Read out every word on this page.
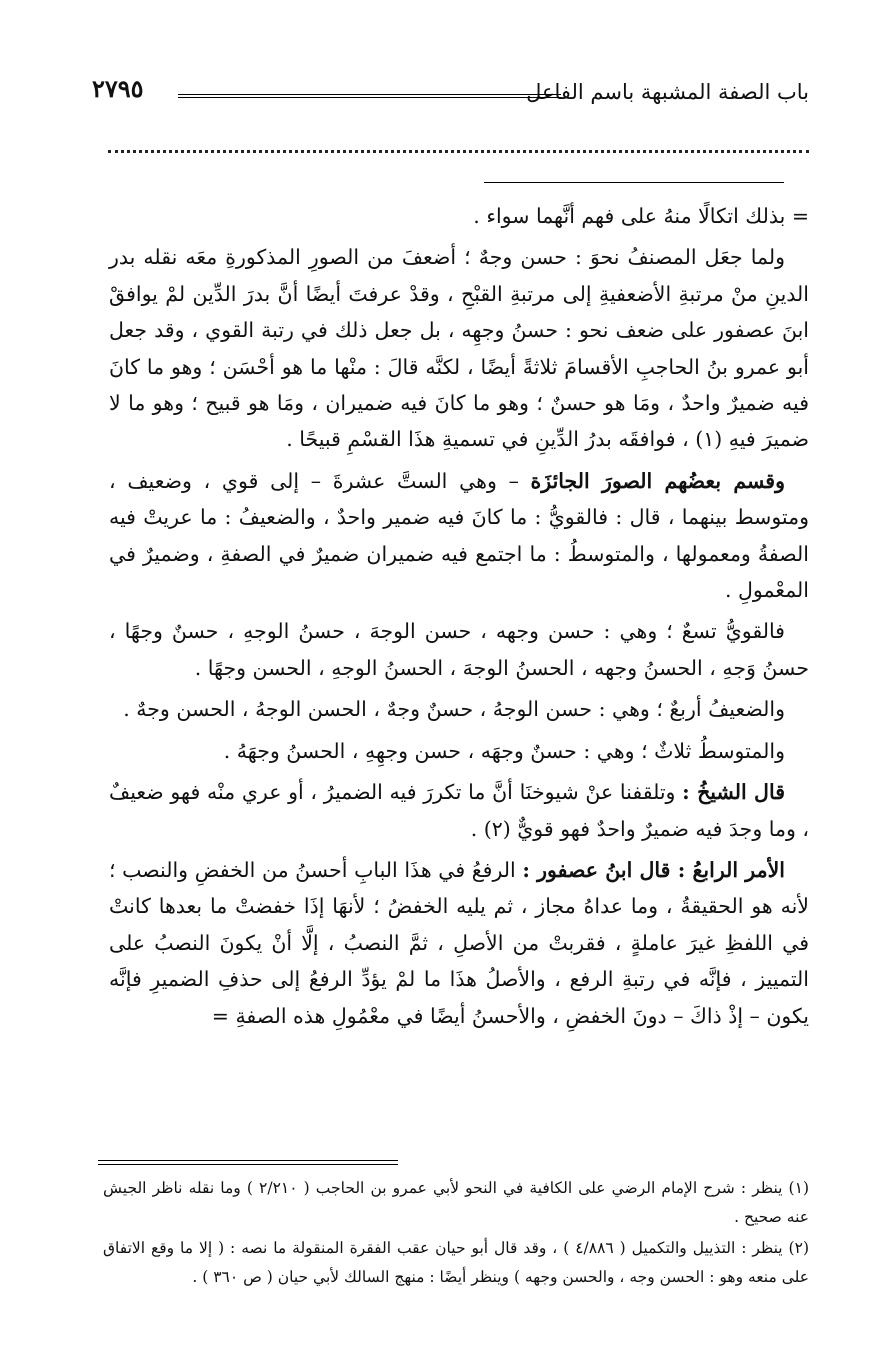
باب الصفة المشبهة باسم الفاعل
٢٧٩٥

= بذلك اتكالًا منهُ على فهم أنَّهما سواء .

ولما جعَل المصنفُ نحوَ : حسن وجهٌ ؛ أضعفَ من الصورِ المذكورةِ معَه نقله بدر الدينِ منْ مرتبةِ الأضعفيةِ إلى مرتبةِ القبْحِ ، وقدْ عرفتَ أيضًا أنَّ بدرَ الدِّين لمْ يوافقْ ابنَ عصفور على ضعف نحو : حسنُ وجهِه ، بل جعل ذلك في رتبة القوي ، وقد جعل أبو عمرو بنُ الحاجبِ الأقسامَ ثلاثةً أيضًا ، لكنَّه قالَ : منْها ما هو أحْسَن ؛ وهو ما كانَ فيه ضميرٌ واحدٌ ، ومَا هو حسنٌ ؛ وهو ما كانَ فيه ضميران ، ومَا هو قبيح ؛ وهو ما لا ضميرَ فيهِ (١) ، فوافقَه بدرُ الدِّينِ في تسميةِ هذَا القسْمِ قبيحًا .

وقسم بعضُهم الصورَ الجائزَة – وهي الستَّ عشرةَ – إلى قوي ، وضعيف ، ومتوسط بينهما ، قال : فالقويُّ : ما كانَ فيه ضمير واحدٌ ، والضعيفُ : ما عريتْ فيه الصفةُ ومعمولها ، والمتوسطُ : ما اجتمع فيه ضميران ضميرٌ في الصفةِ ، وضميرٌ في المعْمولِ .

فالقويُّ تسعٌ ؛ وهي : حسن وجهه ، حسن الوجهَ ، حسنُ الوجهِ ، حسنٌ وجهًا ، حسنُ وَجهِ ، الحسنُ وجهه ، الحسنُ الوجهَ ، الحسنُ الوجهِ ، الحسن وجهًا .

والضعيفُ أربعٌ ؛ وهي : حسن الوجهُ ، حسنٌ وجهٌ ، الحسن الوجهُ ، الحسن وجهٌ .

والمتوسطُ ثلاثٌ ؛ وهي : حسنٌ وجهَه ، حسن وجهِهِ ، الحسنُ وجهَهُ .

قال الشيخُ : وتلقفنا عنْ شيوخنَا أنَّ ما تكررَ فيه الضميرُ ، أو عري منْه فهو ضعيفٌ ، وما وجدَ فيه ضميرٌ واحدٌ فهو قويٌّ (٢) .

الأمر الرابعُ : قال ابنُ عصفور : الرفعُ في هذَا البابِ أحسنُ من الخفضِ والنصب ؛ لأنه هو الحقيقةُ ، وما عداهُ مجاز ، ثم يليه الخفضُ ؛ لأنهَا إذَا خفضتْ ما بعدها كانتْ في اللفظِ غيرَ عاملةٍ ، فقربتْ من الأصلِ ، ثمَّ النصبُ ، إلَّا أنْ يكونَ النصبُ على التمييز ، فإنَّه في رتبةِ الرفع ، والأصلُ هذَا ما لمْ يؤدِّ الرفعُ إلى حذفِ الضميرِ فإنَّه يكون – إذْ ذاكَ – دونَ الخفضِ ، والأحسنُ أيضًا في معْمُولِ هذه الصفةِ =

(١) ينظر : شرح الإمام الرضي على الكافية في النحو لأبي عمرو بن الحاجب ( ٢/٢١٠ ) وما نقله ناظر الجيش عنه صحيح .

(٢) ينظر : التذييل والتكميل ( ٤/٨٨٦ ) ، وقد قال أبو حيان عقب الفقرة المنقولة ما نصه : ( إلا ما وقع الاتفاق على منعه وهو : الحسن وجه ، والحسن وجهه ) وينظر أيضًا : منهج السالك لأبي حيان ( ص ٣٦٠ ) .
